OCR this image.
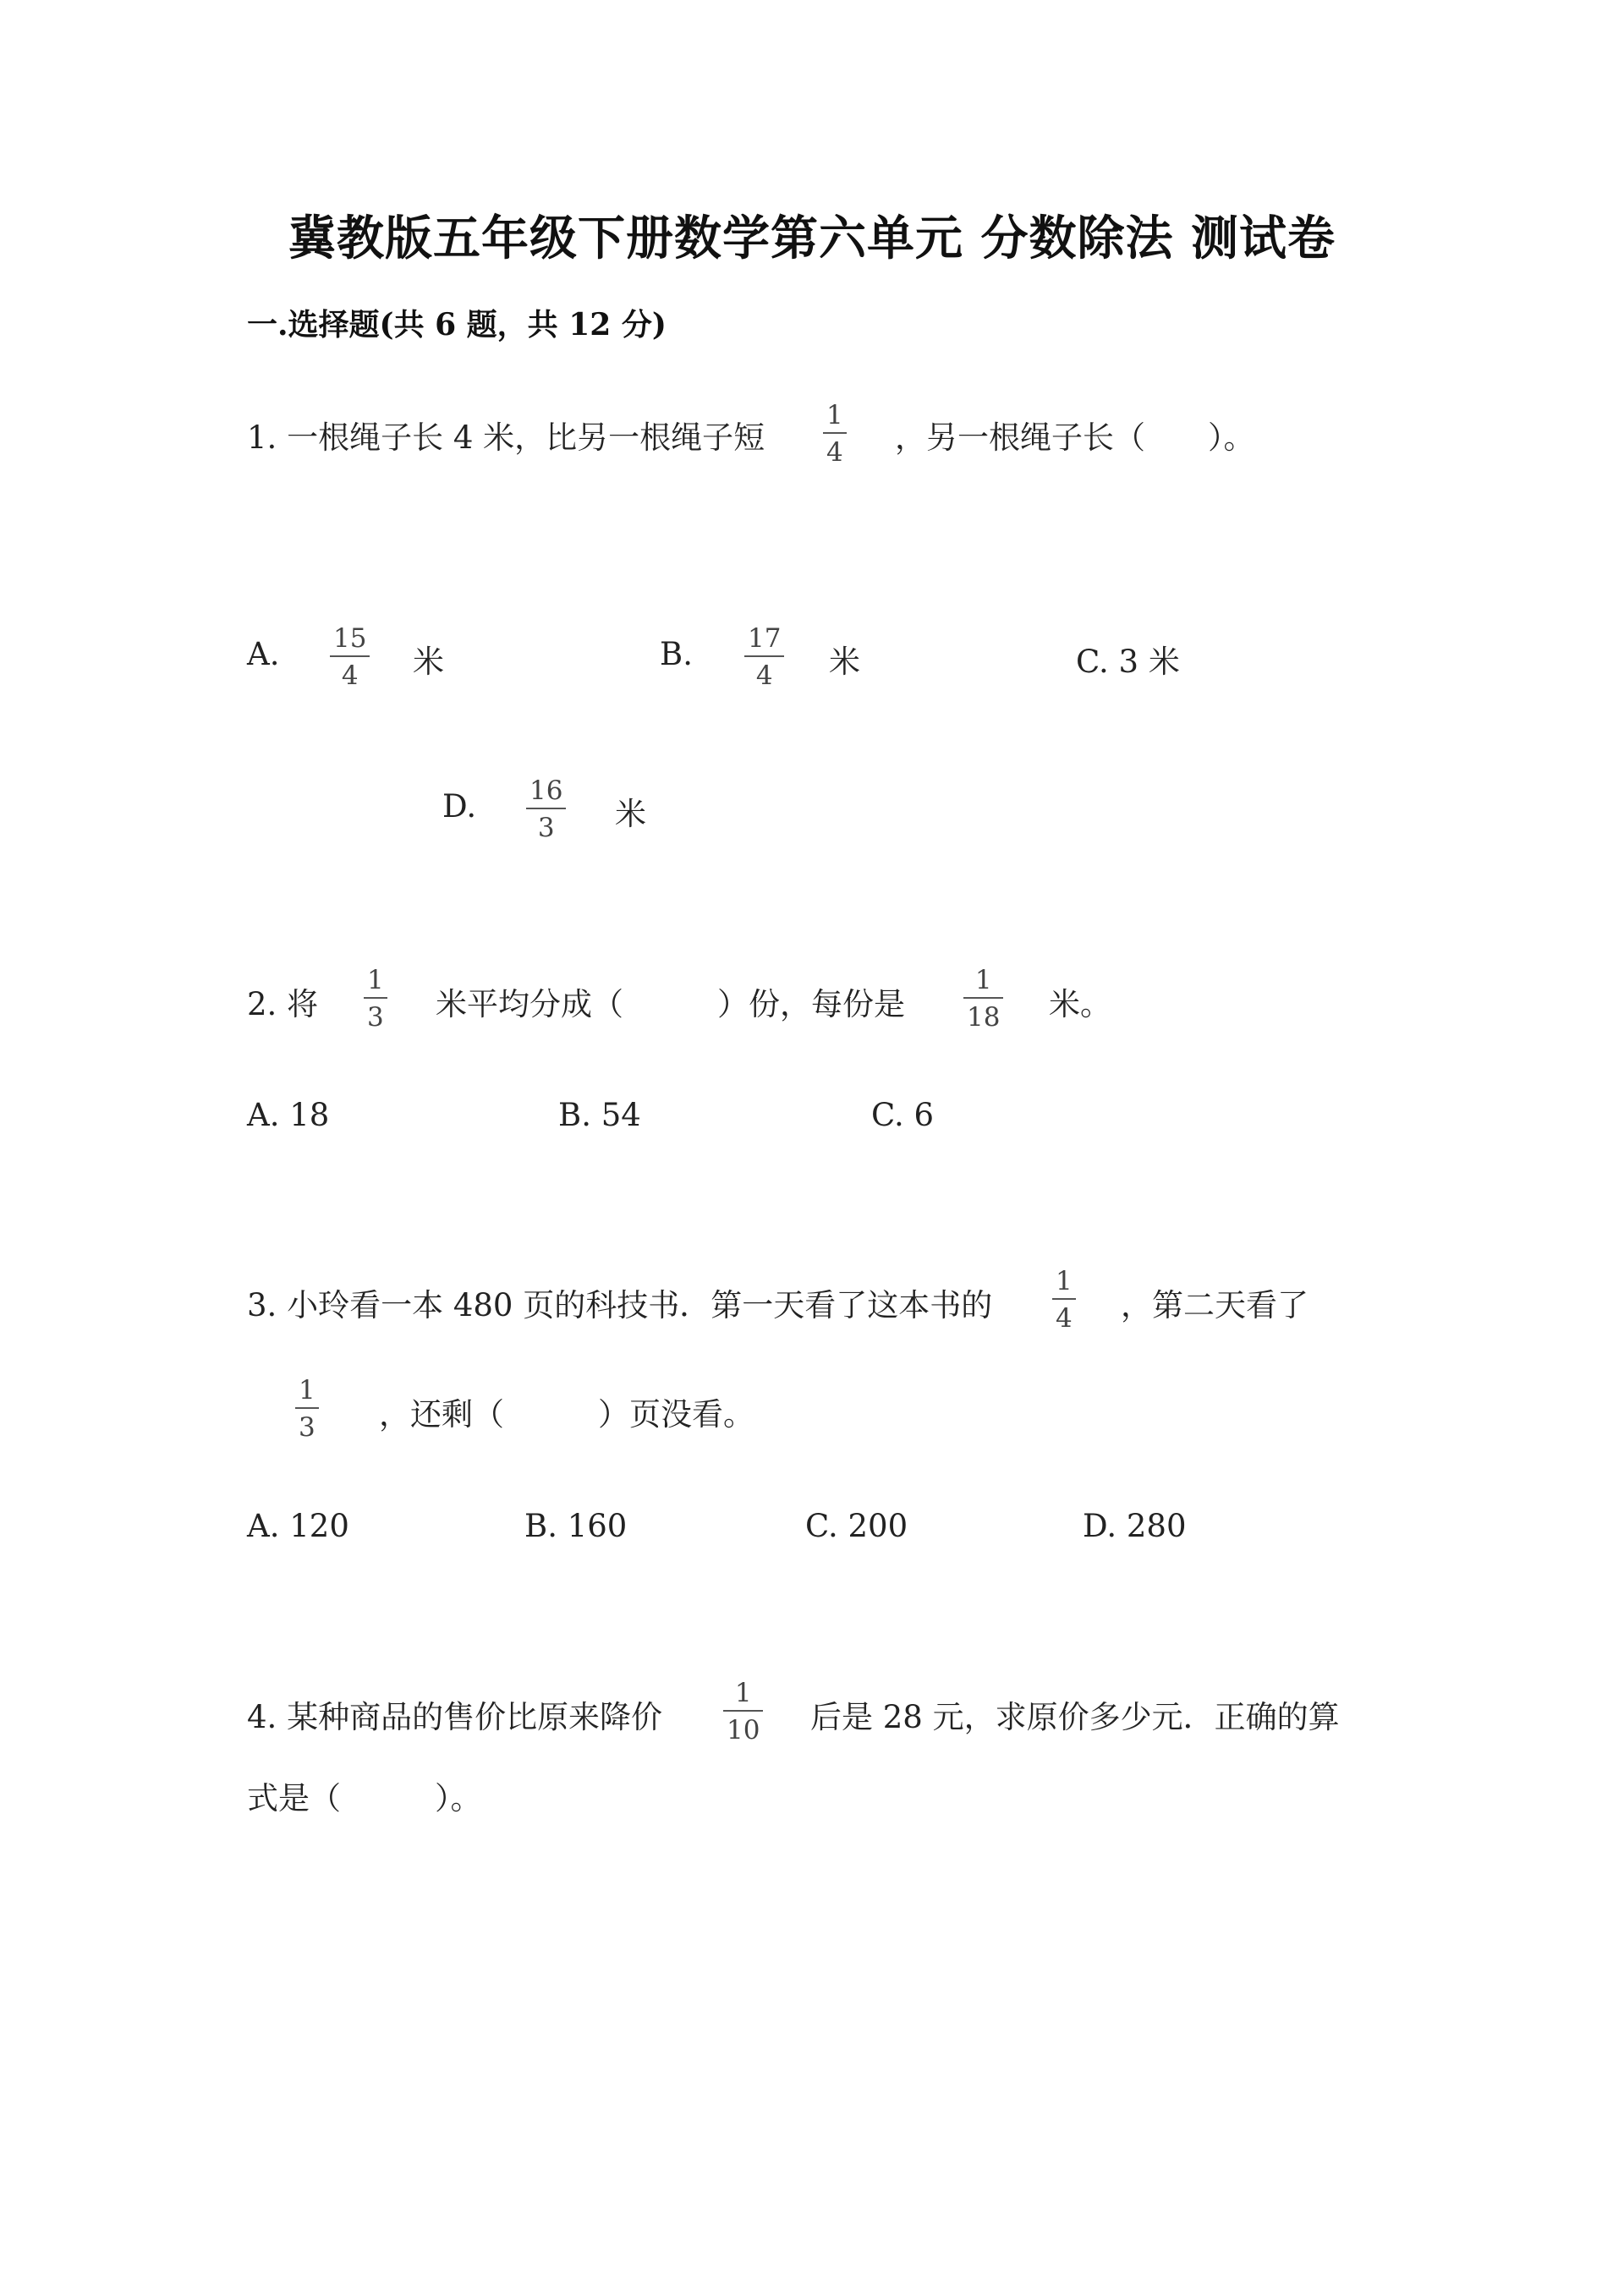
冀教版五年级下册数学第六单元 分数除法 测试卷
一.选择题(共 6 题，共 12 分)
1. 一根绳子长 4 米，比另一根绳子短
1
4 ，另一根绳子长（　　）。
A. 15
4 米	B. 17
4 米	C. 3 米
D. 16
3 米
2. 将
1
3 米平均分成（　　　）份，每份是
1
18 米。
A. 18	B. 54	C. 6
3. 小玲看一本 480 页的科技书．第一天看了这本书的
1
4 ，第二天看了
1
3 ，还剩（　　　）页没看。
A. 120	B. 160	C. 200	D. 280
4. 某种商品的售价比原来降价
1
10 后是 28 元，求原价多少元．正确的算
式是（　　　）。
